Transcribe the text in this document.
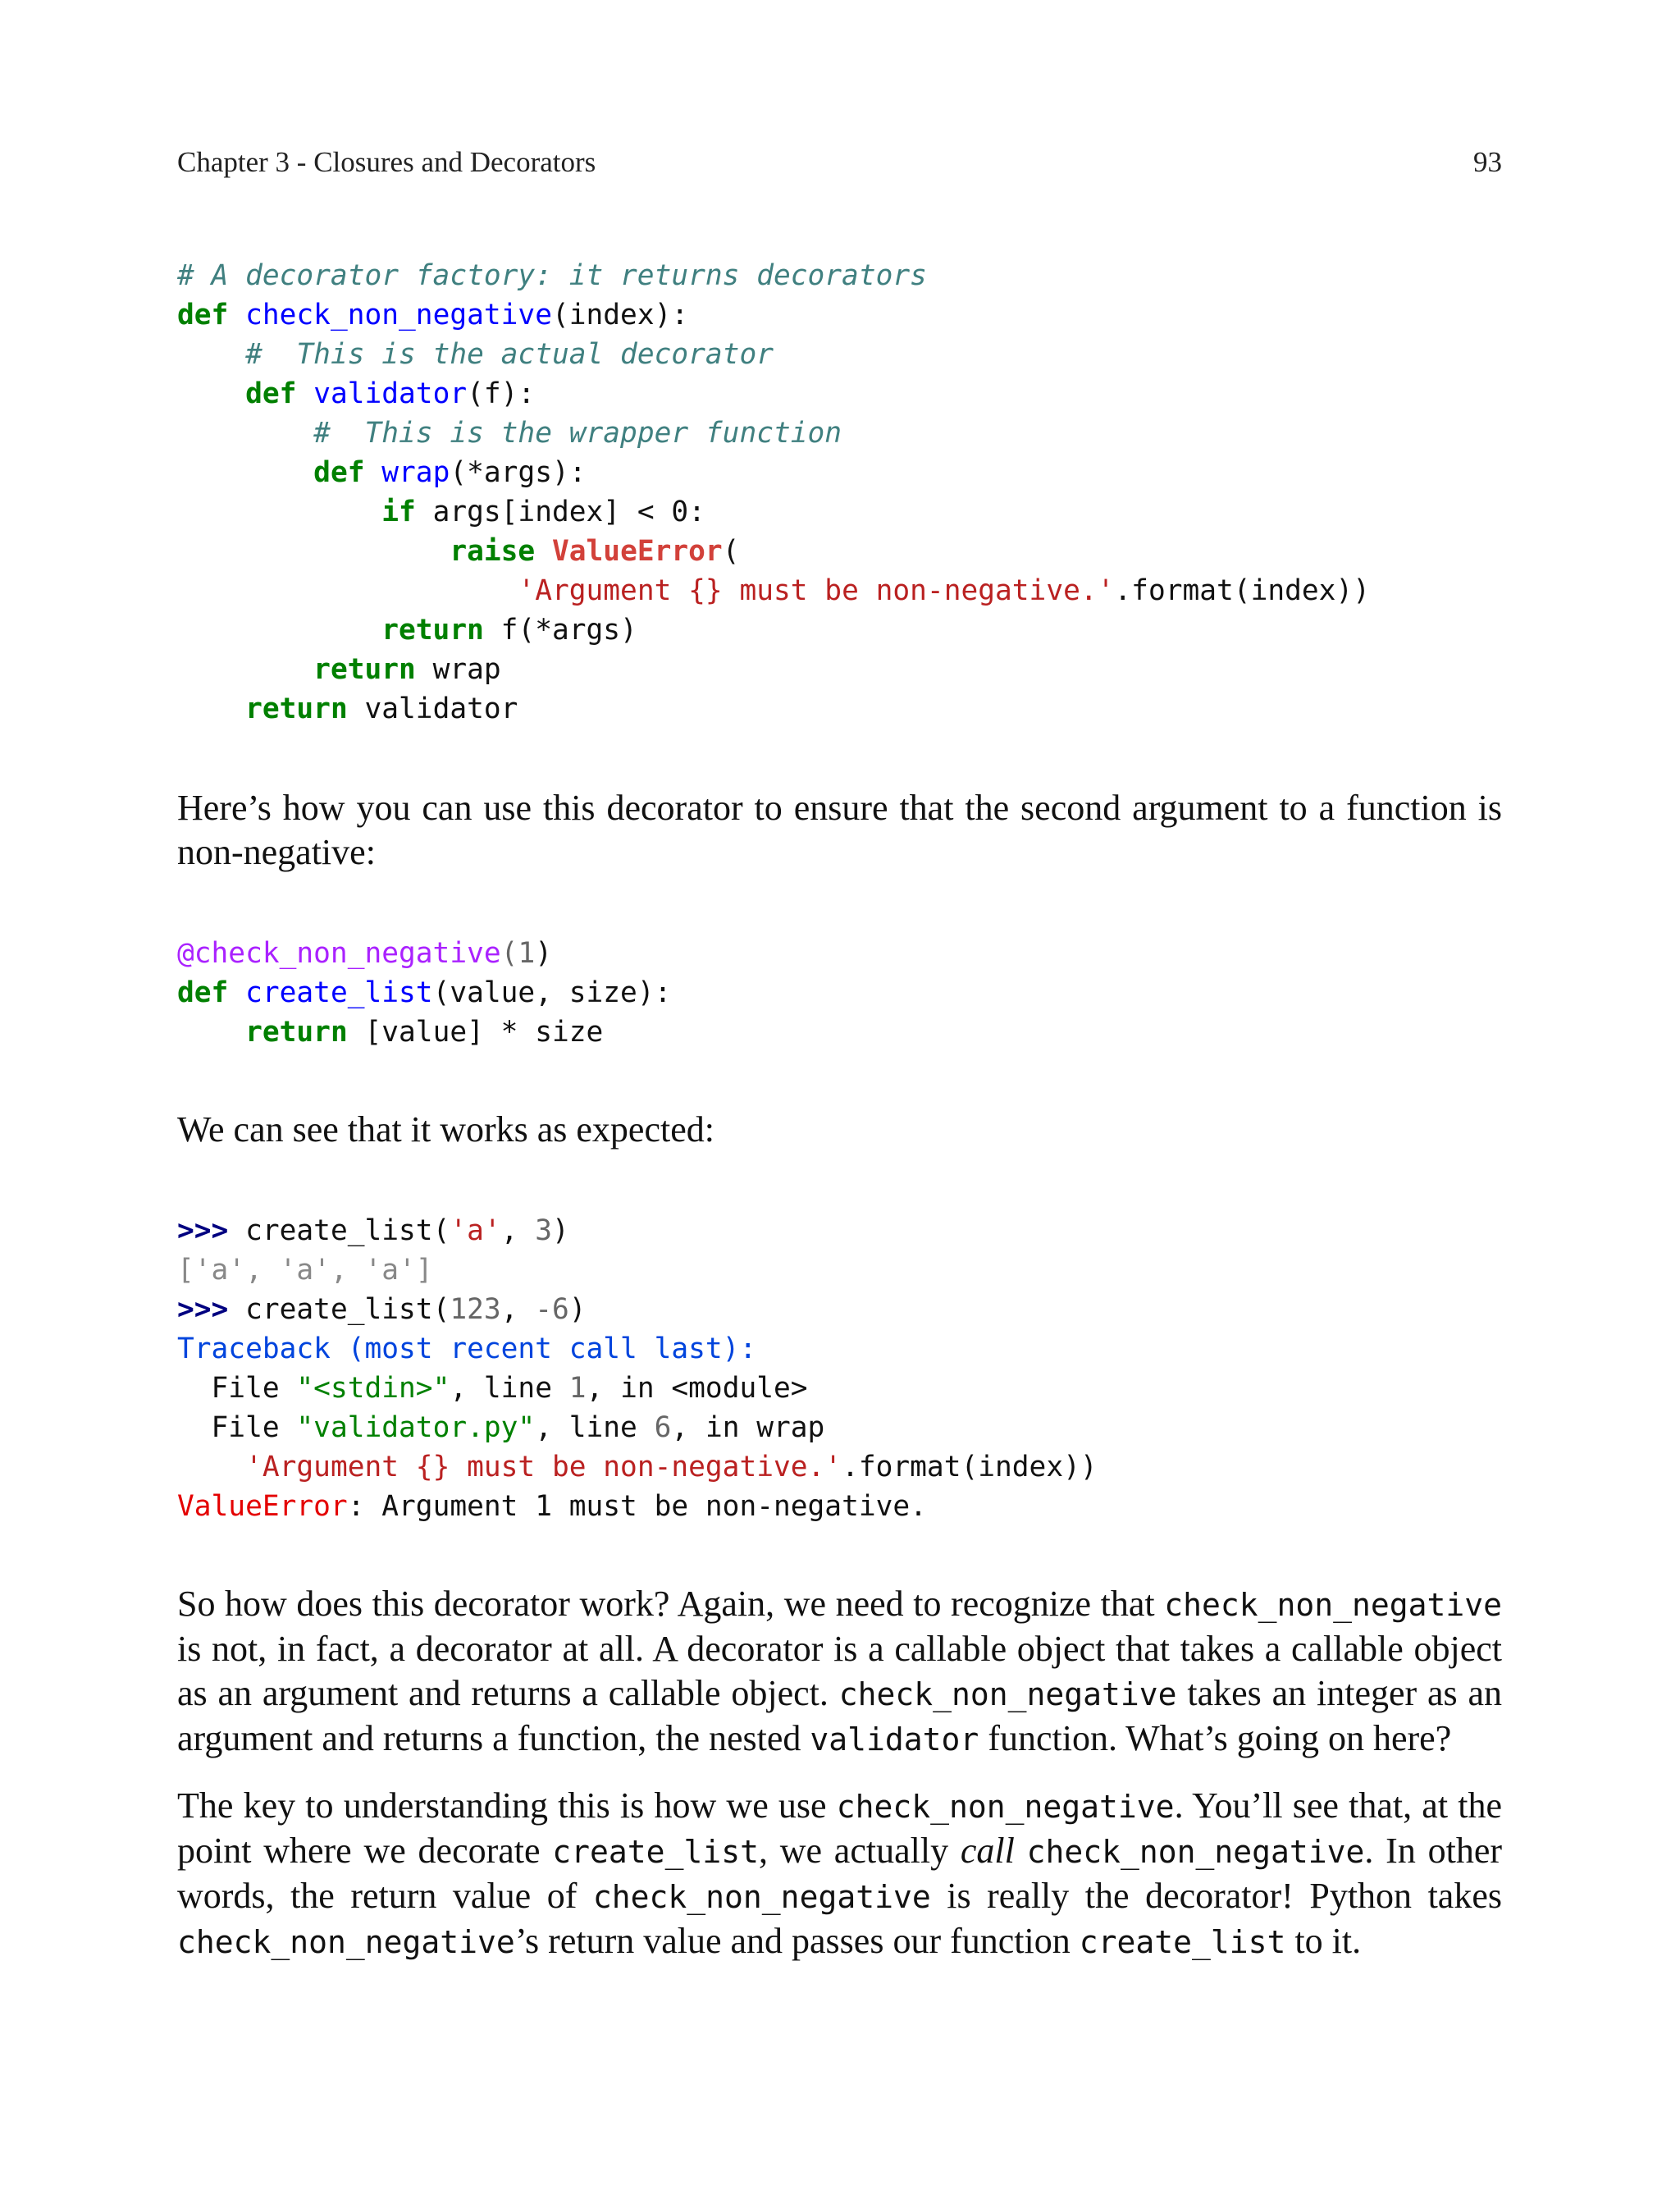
Chapter 3 - Closures and Decorators	93
# A decorator factory: it returns decorators
def check_non_negative(index):
#  This is the actual decorator
def validator(f):
#  This is the wrapper function
def wrap(*args):
if args[index] < 0:
raise ValueError(
'Argument {} must be non-negative.'.format(index))
return f(*args)
return wrap
return validator

Here’s how you can use this decorator to ensure that the second argument to a function is non-negative:

@check_non_negative(1)
def create_list(value, size):
return [value] * size

We can see that it works as expected:

>>> create_list('a', 3)
['a', 'a', 'a']
>>> create_list(123, -6)
Traceback (most recent call last):
File "<stdin>", line 1, in <module>
File "validator.py", line 6, in wrap
'Argument {} must be non-negative.'.format(index))
ValueError: Argument 1 must be non-negative.

So how does this decorator work? Again, we need to recognize that check_non_negative is not, in fact, a decorator at all. A decorator is a callable object that takes a callable object as an argument and returns a callable object. check_non_negative takes an integer as an argument and returns a function, the nested validator function. What’s going on here?

The key to understanding this is how we use check_non_negative. You’ll see that, at the point where we decorate create_list, we actually call check_non_negative. In other words, the return value of check_non_negative is really the decorator! Python takes check_non_negative’s return value and passes our function create_list to it.
